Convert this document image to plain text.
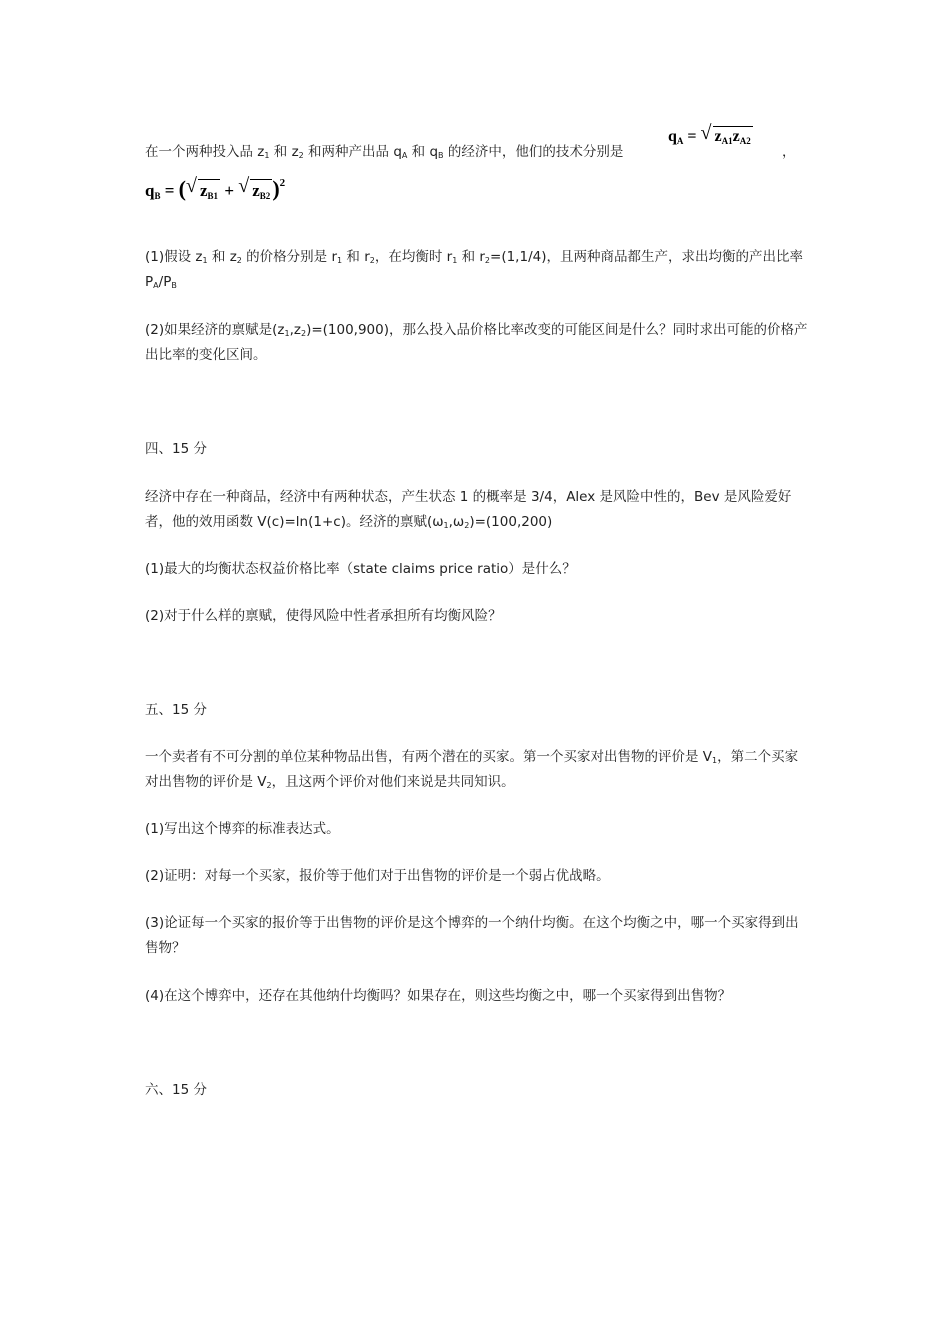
在一个两种投入品 $z_1$ 和 $z_2$ 和两种产出品 $q_A$ 和 $q_B$ 的经济中，他们的技术分别是	，
qA = √ zA1zA2
qB = (√ zB1 + √ zB2)$^2$
(1)假设 $z_1$ 和 $z_2$ 的价格分别是 $r_1$ 和 $r_2$，在均衡时 $r_1$ 和 $r_2=(1,1/4)$，且两种商品都生产，求出均衡的产出比率 $P_A/P_B$
(2)如果经济的禀赋是$(z_1,z_2)=(100,900)$，那么投入品价格比率改变的可能区间是什么？同时求出可能的价格产出比率的变化区间。
四、15 分
经济中存在一种商品，经济中有两种状态，产生状态 1 的概率是 3/4，Alex 是风险中性的，Bev 是风险爱好者，他的效用函数 V(c)=ln(1+c)。经济的禀赋$(\omega_1,\omega_2)=(100,200)$
(1)最大的均衡状态权益价格比率（state claims price ratio）是什么？
(2)对于什么样的禀赋，使得风险中性者承担所有均衡风险？
五、15 分
一个卖者有不可分割的单位某种物品出售，有两个潜在的买家。第一个买家对出售物的评价是 $V_1$，第二个买家对出售物的评价是 $V_2$，且这两个评价对他们来说是共同知识。
(1)写出这个博弈的标准表达式。
(2)证明：对每一个买家，报价等于他们对于出售物的评价是一个弱占优战略。
(3)论证每一个买家的报价等于出售物的评价是这个博弈的一个纳什均衡。在这个均衡之中，哪一个买家得到出售物？
(4)在这个博弈中，还存在其他纳什均衡吗？如果存在，则这些均衡之中，哪一个买家得到出售物？
六、15 分
